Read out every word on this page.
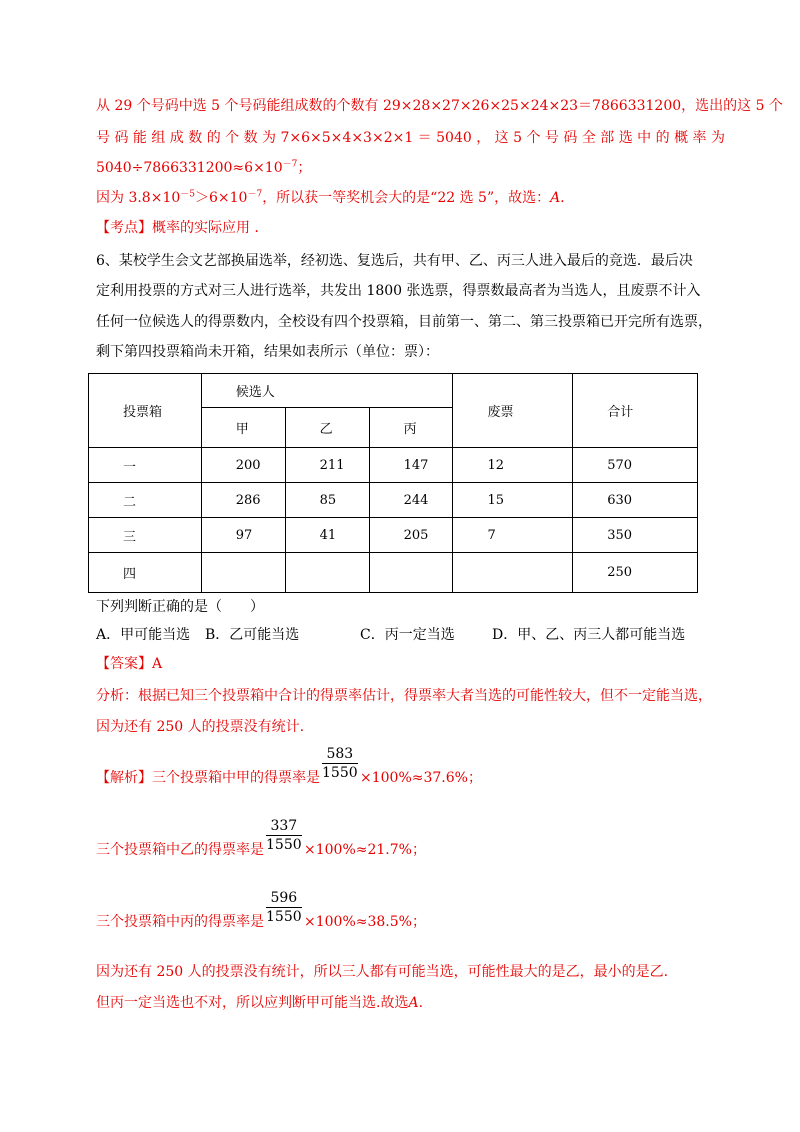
从 29 个号码中选 5 个号码能组成数的个数有 29×28×27×26×25×24×23＝7866331200，选出的这 5 个
号 码 能 组 成 数 的 个 数 为 7×6×5×4×3×2×1 ＝ 5040 ， 这 5 个 号 码 全 部 选 中 的 概 率 为
$5040\div 7866331200\approx 6\times 10^{-7}$；
因为 $3.8\times 10^{-5}>6\times 10^{-7}$，所以获一等奖机会大的是“22 选 5”，故选：A．
【考点】概率的实际应用 ．
6、某校学生会文艺部换届选举，经初选、复选后，共有甲、乙、丙三人进入最后的竞选．最后决
定利用投票的方式对三人进行选举，共发出 1800 张选票，得票数最高者为当选人，且废票不计入
任何一位候选人的得票数内，全校设有四个投票箱，目前第一、第二、第三投票箱已开完所有选票，
剩下第四投票箱尚未开箱，结果如表所示（单位：票）：
投票箱	候选人			废票	合计
	甲	乙	丙		
一	200	211	147	12	570
二	286	85	244	15	630
三	97	41	205	7	350
四					250
下列判断正确的是（　　）
A．甲可能当选 B．乙可能当选	C．丙一定当选	D．甲、乙、丙三人都可能当选
【答案】A
分析：根据已知三个投票箱中合计的得票率估计，得票率大者当选的可能性较大，但不一定能当选，
因为还有 250 人的投票没有统计.
【解析】三个投票箱中甲的得票率是 $\frac{583}{1550} \times 100\%\approx 37.6\%$；
三个投票箱中乙的得票率是 $\frac{337}{1550} \times 100\%\approx 21.7\%$；
三个投票箱中丙的得票率是 $\frac{596}{1550} \times 100\%\approx 38.5\%$；
因为还有 250 人的投票没有统计，所以三人都有可能当选，可能性最大的是乙，最小的是乙.
但丙一定当选也不对，所以应判断甲可能当选.故选A.
